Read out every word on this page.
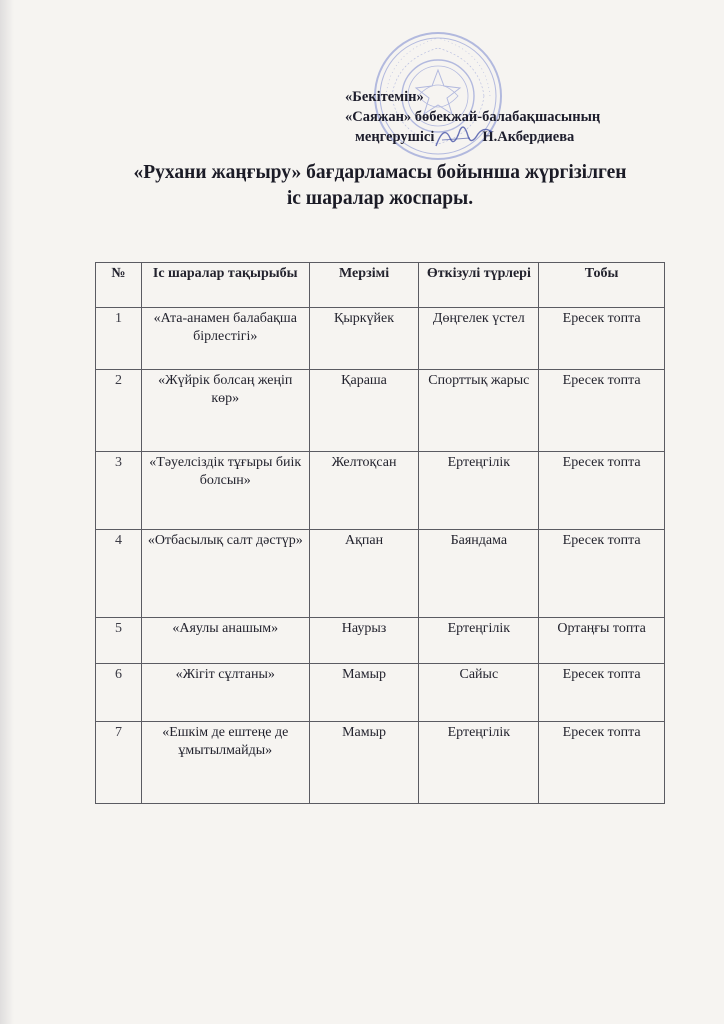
«Бекітемін»
«Саяжан» бөбекжай-балабақшасының
меңгерушісі	Н.Акбердиева
«Рухани жаңғыру» бағдарламасы бойынша жүргізілген
іс шаралар жоспары.
№	Іс шаралар тақырыбы	Мерзімі	Өткізулі түрлері	Тобы
1	«Ата-анамен балабақша бірлестігі»	Қыркүйек	Дөңгелек үстел	Ересек топта
2	«Жүйрік болсаң жеңіп көр»	Қараша	Спорттық жарыс	Ересек топта
3	«Тәуелсіздік тұғыры биік болсын»	Желтоқсан	Ертеңгілік	Ересек топта
4	«Отбасылық салт дәстүр»	Ақпан	Баяндама	Ересек топта
5	«Аяулы анашым»	Наурыз	Ертеңгілік	Ортаңғы топта
6	«Жігіт сұлтаны»	Мамыр	Сайыс	Ересек топта
7	«Ешкім де ештеңе де ұмытылмайды»	Мамыр	Ертеңгілік	Ересек топта
